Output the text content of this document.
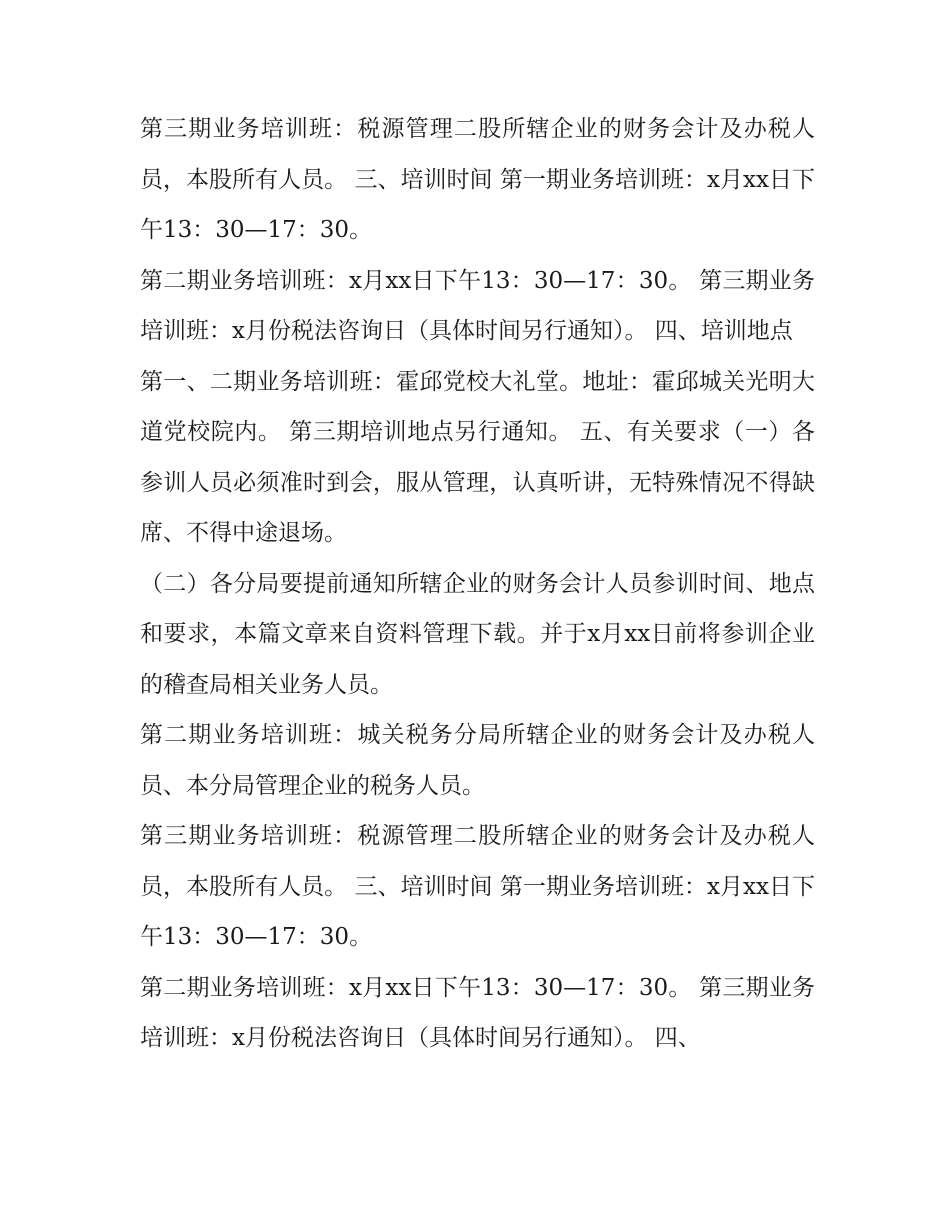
第三期业务培训班：税源管理二股所辖企业的财务会计及办税人员，本股所有人员。 三、培训时间 第一期业务培训班：x月xx日下午13：30—17：30。

第二期业务培训班：x月xx日下午13：30—17：30。 第三期业务培训班：x月份税法咨询日（具体时间另行通知）。 四、培训地点

第一、二期业务培训班：霍邱党校大礼堂。地址：霍邱城关光明大道党校院内。 第三期培训地点另行通知。 五、有关要求（一）各参训人员必须准时到会，服从管理，认真听讲，无特殊情况不得缺席、不得中途退场。

（二）各分局要提前通知所辖企业的财务会计人员参训时间、地点和要求，本篇文章来自资料管理下载。并于x月xx日前将参训企业的稽查局相关业务人员。

第二期业务培训班：城关税务分局所辖企业的财务会计及办税人员、本分局管理企业的税务人员。

第三期业务培训班：税源管理二股所辖企业的财务会计及办税人员，本股所有人员。 三、培训时间 第一期业务培训班：x月xx日下午13：30—17：30。

第二期业务培训班：x月xx日下午13：30—17：30。 第三期业务培训班：x月份税法咨询日（具体时间另行通知）。 四、
